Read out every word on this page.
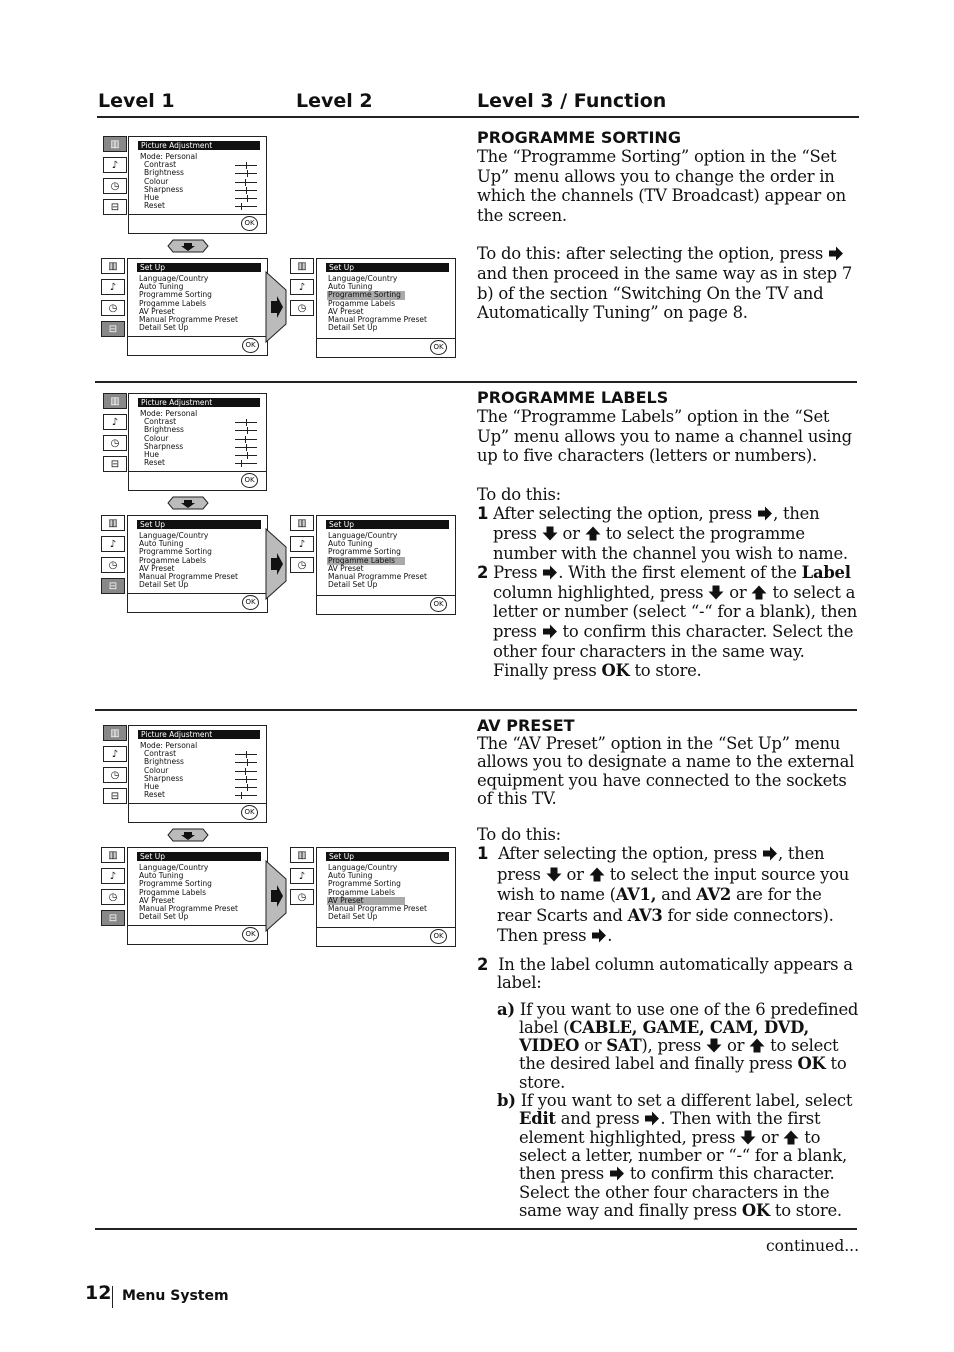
Level 1	Level 2	Level 3 / Function
▥
♪
◷
⊟
Picture Adjustment
Mode: Personal
Contrast
Brightness
Colour
Sharpness
Hue
Reset
OK
▥
♪
◷
⊟
Set Up
Language/Country
Auto Tuning
Programme Sorting
Progamme Labels
AV Preset
Manual Programme Preset
Detail Set Up
OK
▥
♪
◷
Set Up
Language/Country
Auto Tuning
Programme Sorting
Progamme Labels
AV Preset
Manual Programme Preset
Detail Set Up
OK
▥
♪
◷
⊟
Picture Adjustment
Mode: Personal
Contrast
Brightness
Colour
Sharpness
Hue
Reset
OK
▥
♪
◷
⊟
Set Up
Language/Country
Auto Tuning
Programme Sorting
Progamme Labels
AV Preset
Manual Programme Preset
Detail Set Up
OK
▥
♪
◷
Set Up
Language/Country
Auto Tuning
Programme Sorting
Progamme Labels
AV Preset
Manual Programme Preset
Detail Set Up
OK
▥
♪
◷
⊟
Picture Adjustment
Mode: Personal
Contrast
Brightness
Colour
Sharpness
Hue
Reset
OK
▥
♪
◷
⊟
Set Up
Language/Country
Auto Tuning
Programme Sorting
Progamme Labels
AV Preset
Manual Programme Preset
Detail Set Up
OK
▥
♪
◷
Set Up
Language/Country
Auto Tuning
Programme Sorting
Progamme Labels
AV Preset
Manual Programme Preset
Detail Set Up
OK
PROGRAMME SORTING

The “Programme Sorting” option in the “Set Up” menu allows you to change the order in which the channels (TV Broadcast) appear on the screen.

To do this: after selecting the option, press
and then proceed in the same way as in step 7 b) of the section “Switching On the TV and Automatically Tuning” on page 8.

PROGRAMME LABELS

The “Programme Labels” option in the “Set Up” menu allows you to name a channel using up to five characters (letters or numbers).

To do this:

1 After selecting the option, press , then press or to select the programme number with the channel you wish to name.

2 Press . With the first element of the Label column highlighted, press or to select a letter or number (select “-“ for a blank), then press to confirm this character. Select the other four characters in the same way. Finally press OK to store.

AV PRESET

The “AV Preset” option in the “Set Up” menu allows you to designate a name to the external equipment you have connected to the sockets of this TV.

To do this:

1 After selecting the option, press , then press or to select the input source you wish to name (AV1, and AV2 are for the rear Scarts and AV3 for side connectors). Then press .

2 In the label column automatically appears a label:

a) If you want to use one of the 6 predefined label (CABLE, GAME, CAM, DVD, VIDEO or SAT), press or to select the desired label and finally press OK to store.

b) If you want to set a different label, select Edit and press . Then with the first element highlighted, press or to select a letter, number or “-“ for a blank, then press to confirm this character. Select the other four characters in the same way and finally press OK to store.

continued...
12 Menu System
